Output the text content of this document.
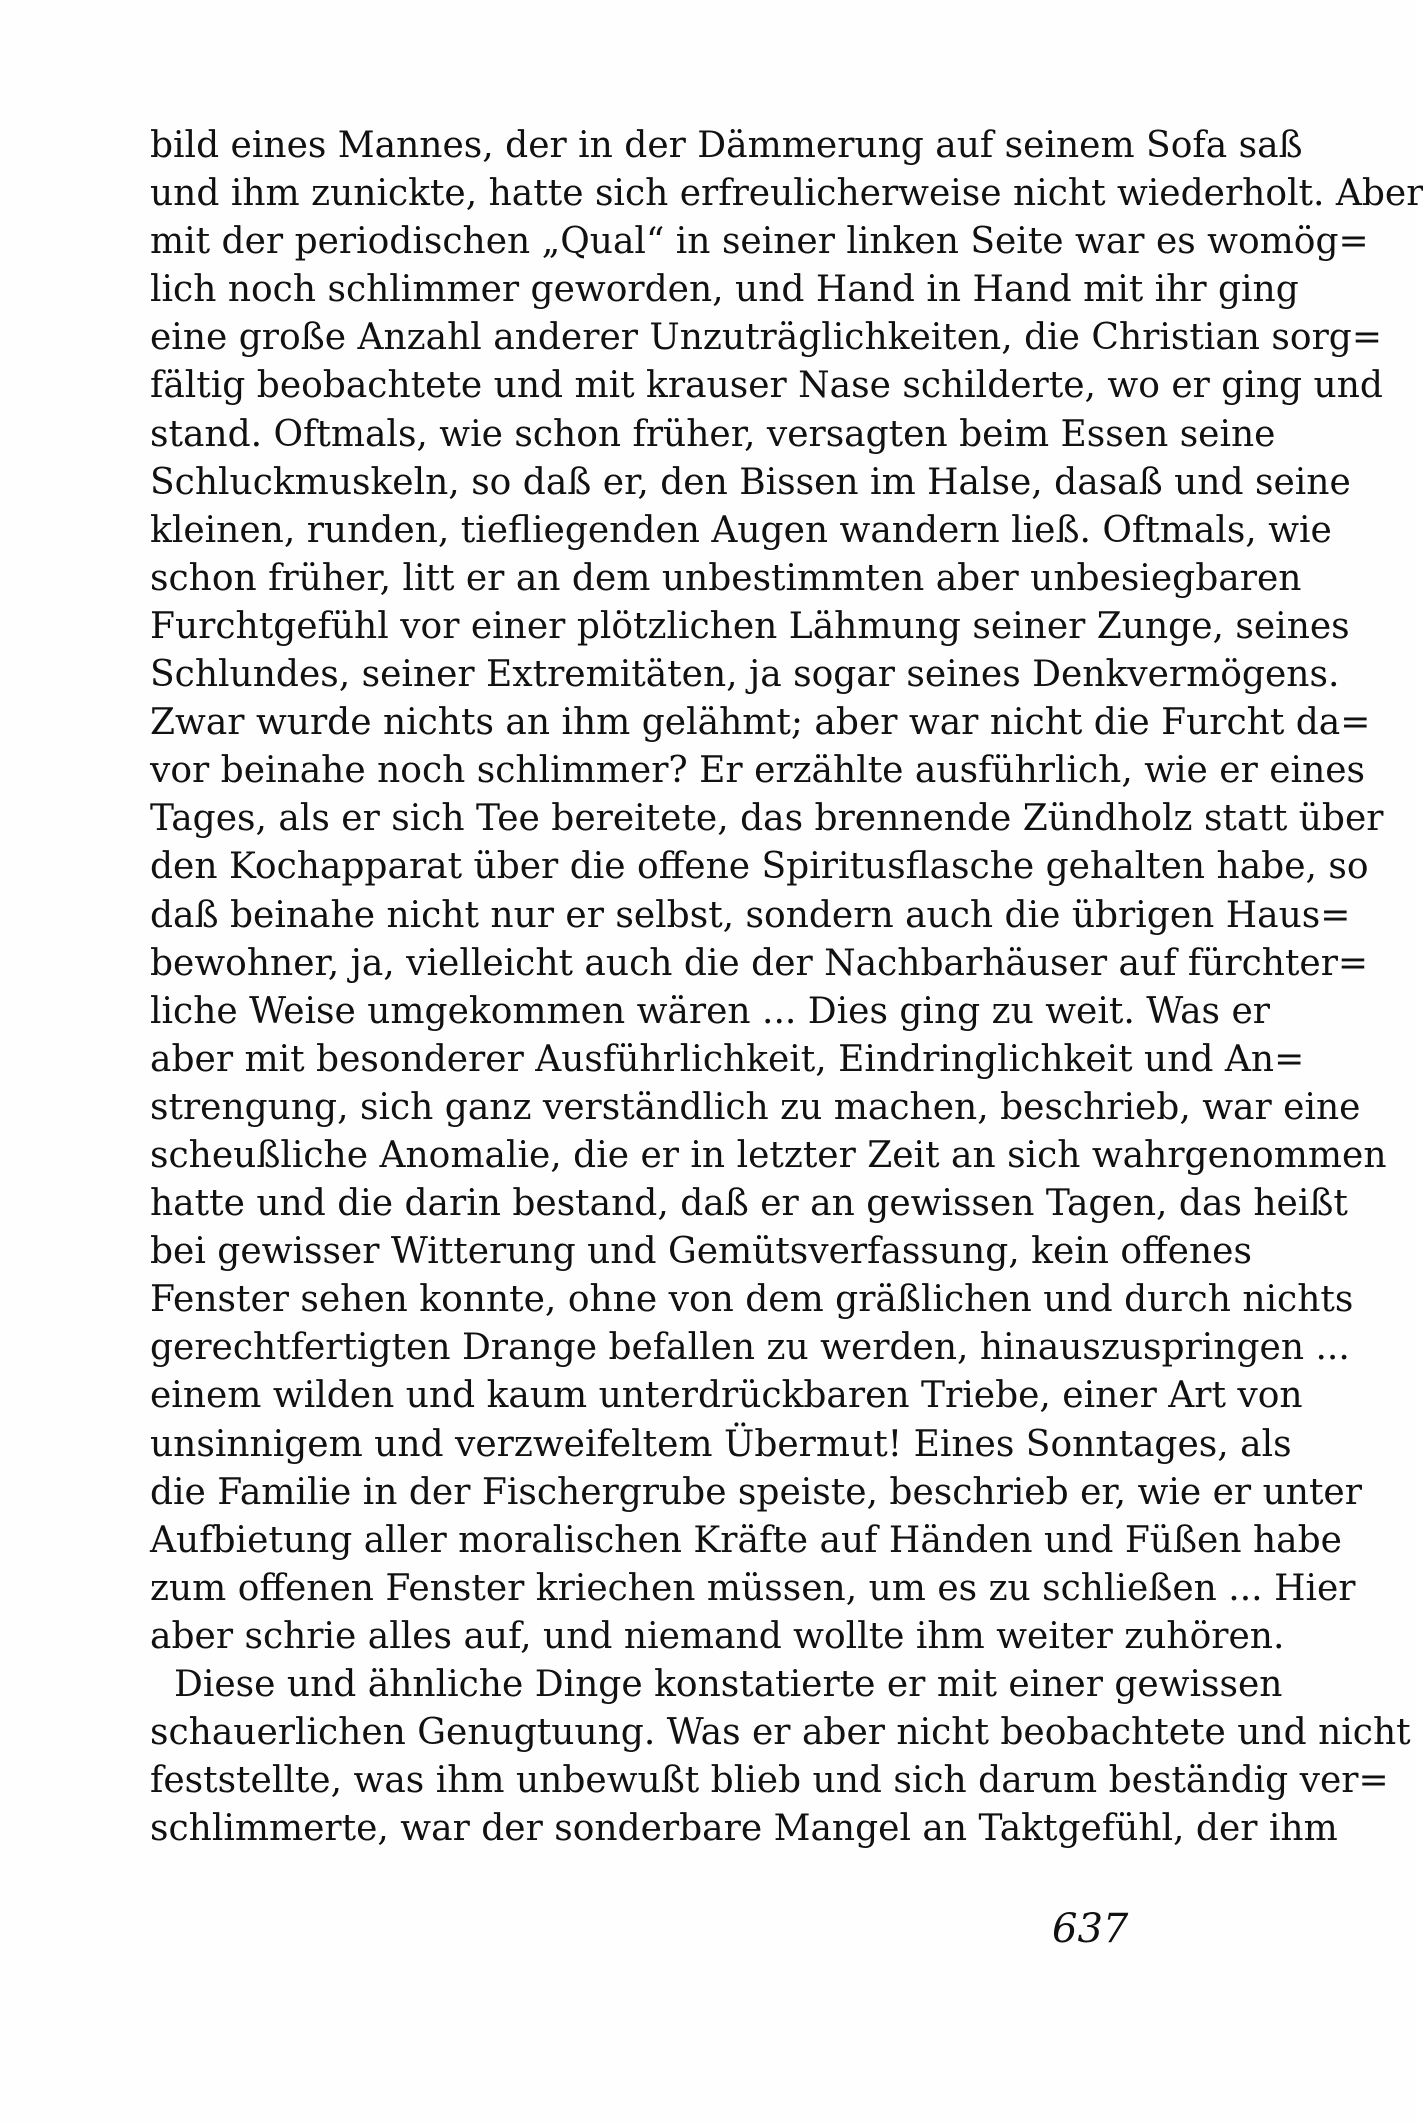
bild eines Mannes, der in der Dämmerung auf seinem Sofa saß
und ihm zunickte, hatte sich erfreulicherweise nicht wiederholt. Aber
mit der periodischen „Qual“ in seiner linken Seite war es womög=
lich noch schlimmer geworden, und Hand in Hand mit ihr ging
eine große Anzahl anderer Unzuträglichkeiten, die Christian sorg=
fältig beobachtete und mit krauser Nase schilderte, wo er ging und
stand. Oftmals, wie schon früher, versagten beim Essen seine
Schluckmuskeln, so daß er, den Bissen im Halse, dasaß und seine
kleinen, runden, tiefliegenden Augen wandern ließ. Oftmals, wie
schon früher, litt er an dem unbestimmten aber unbesiegbaren
Furchtgefühl vor einer plötzlichen Lähmung seiner Zunge, seines
Schlundes, seiner Extremitäten, ja sogar seines Denkvermögens.
Zwar wurde nichts an ihm gelähmt; aber war nicht die Furcht da=
vor beinahe noch schlimmer? Er erzählte ausführlich, wie er eines
Tages, als er sich Tee bereitete, das brennende Zündholz statt über
den Kochapparat über die offene Spiritusflasche gehalten habe, so
daß beinahe nicht nur er selbst, sondern auch die übrigen Haus=
bewohner, ja, vielleicht auch die der Nachbarhäuser auf fürchter=
liche Weise umgekommen wären ... Dies ging zu weit. Was er
aber mit besonderer Ausführlichkeit, Eindringlichkeit und An=
strengung, sich ganz verständlich zu machen, beschrieb, war eine
scheußliche Anomalie, die er in letzter Zeit an sich wahrgenommen
hatte und die darin bestand, daß er an gewissen Tagen, das heißt
bei gewisser Witterung und Gemütsverfassung, kein offenes
Fenster sehen konnte, ohne von dem gräßlichen und durch nichts
gerechtfertigten Drange befallen zu werden, hinauszuspringen ...
einem wilden und kaum unterdrückbaren Triebe, einer Art von
unsinnigem und verzweifeltem Übermut! Eines Sonntages, als
die Familie in der Fischergrube speiste, beschrieb er, wie er unter
Aufbietung aller moralischen Kräfte auf Händen und Füßen habe
zum offenen Fenster kriechen müssen, um es zu schließen ... Hier
aber schrie alles auf, und niemand wollte ihm weiter zuhören.
Diese und ähnliche Dinge konstatierte er mit einer gewissen
schauerlichen Genugtuung. Was er aber nicht beobachtete und nicht
feststellte, was ihm unbewußt blieb und sich darum beständig ver=
schlimmerte, war der sonderbare Mangel an Taktgefühl, der ihm
637
